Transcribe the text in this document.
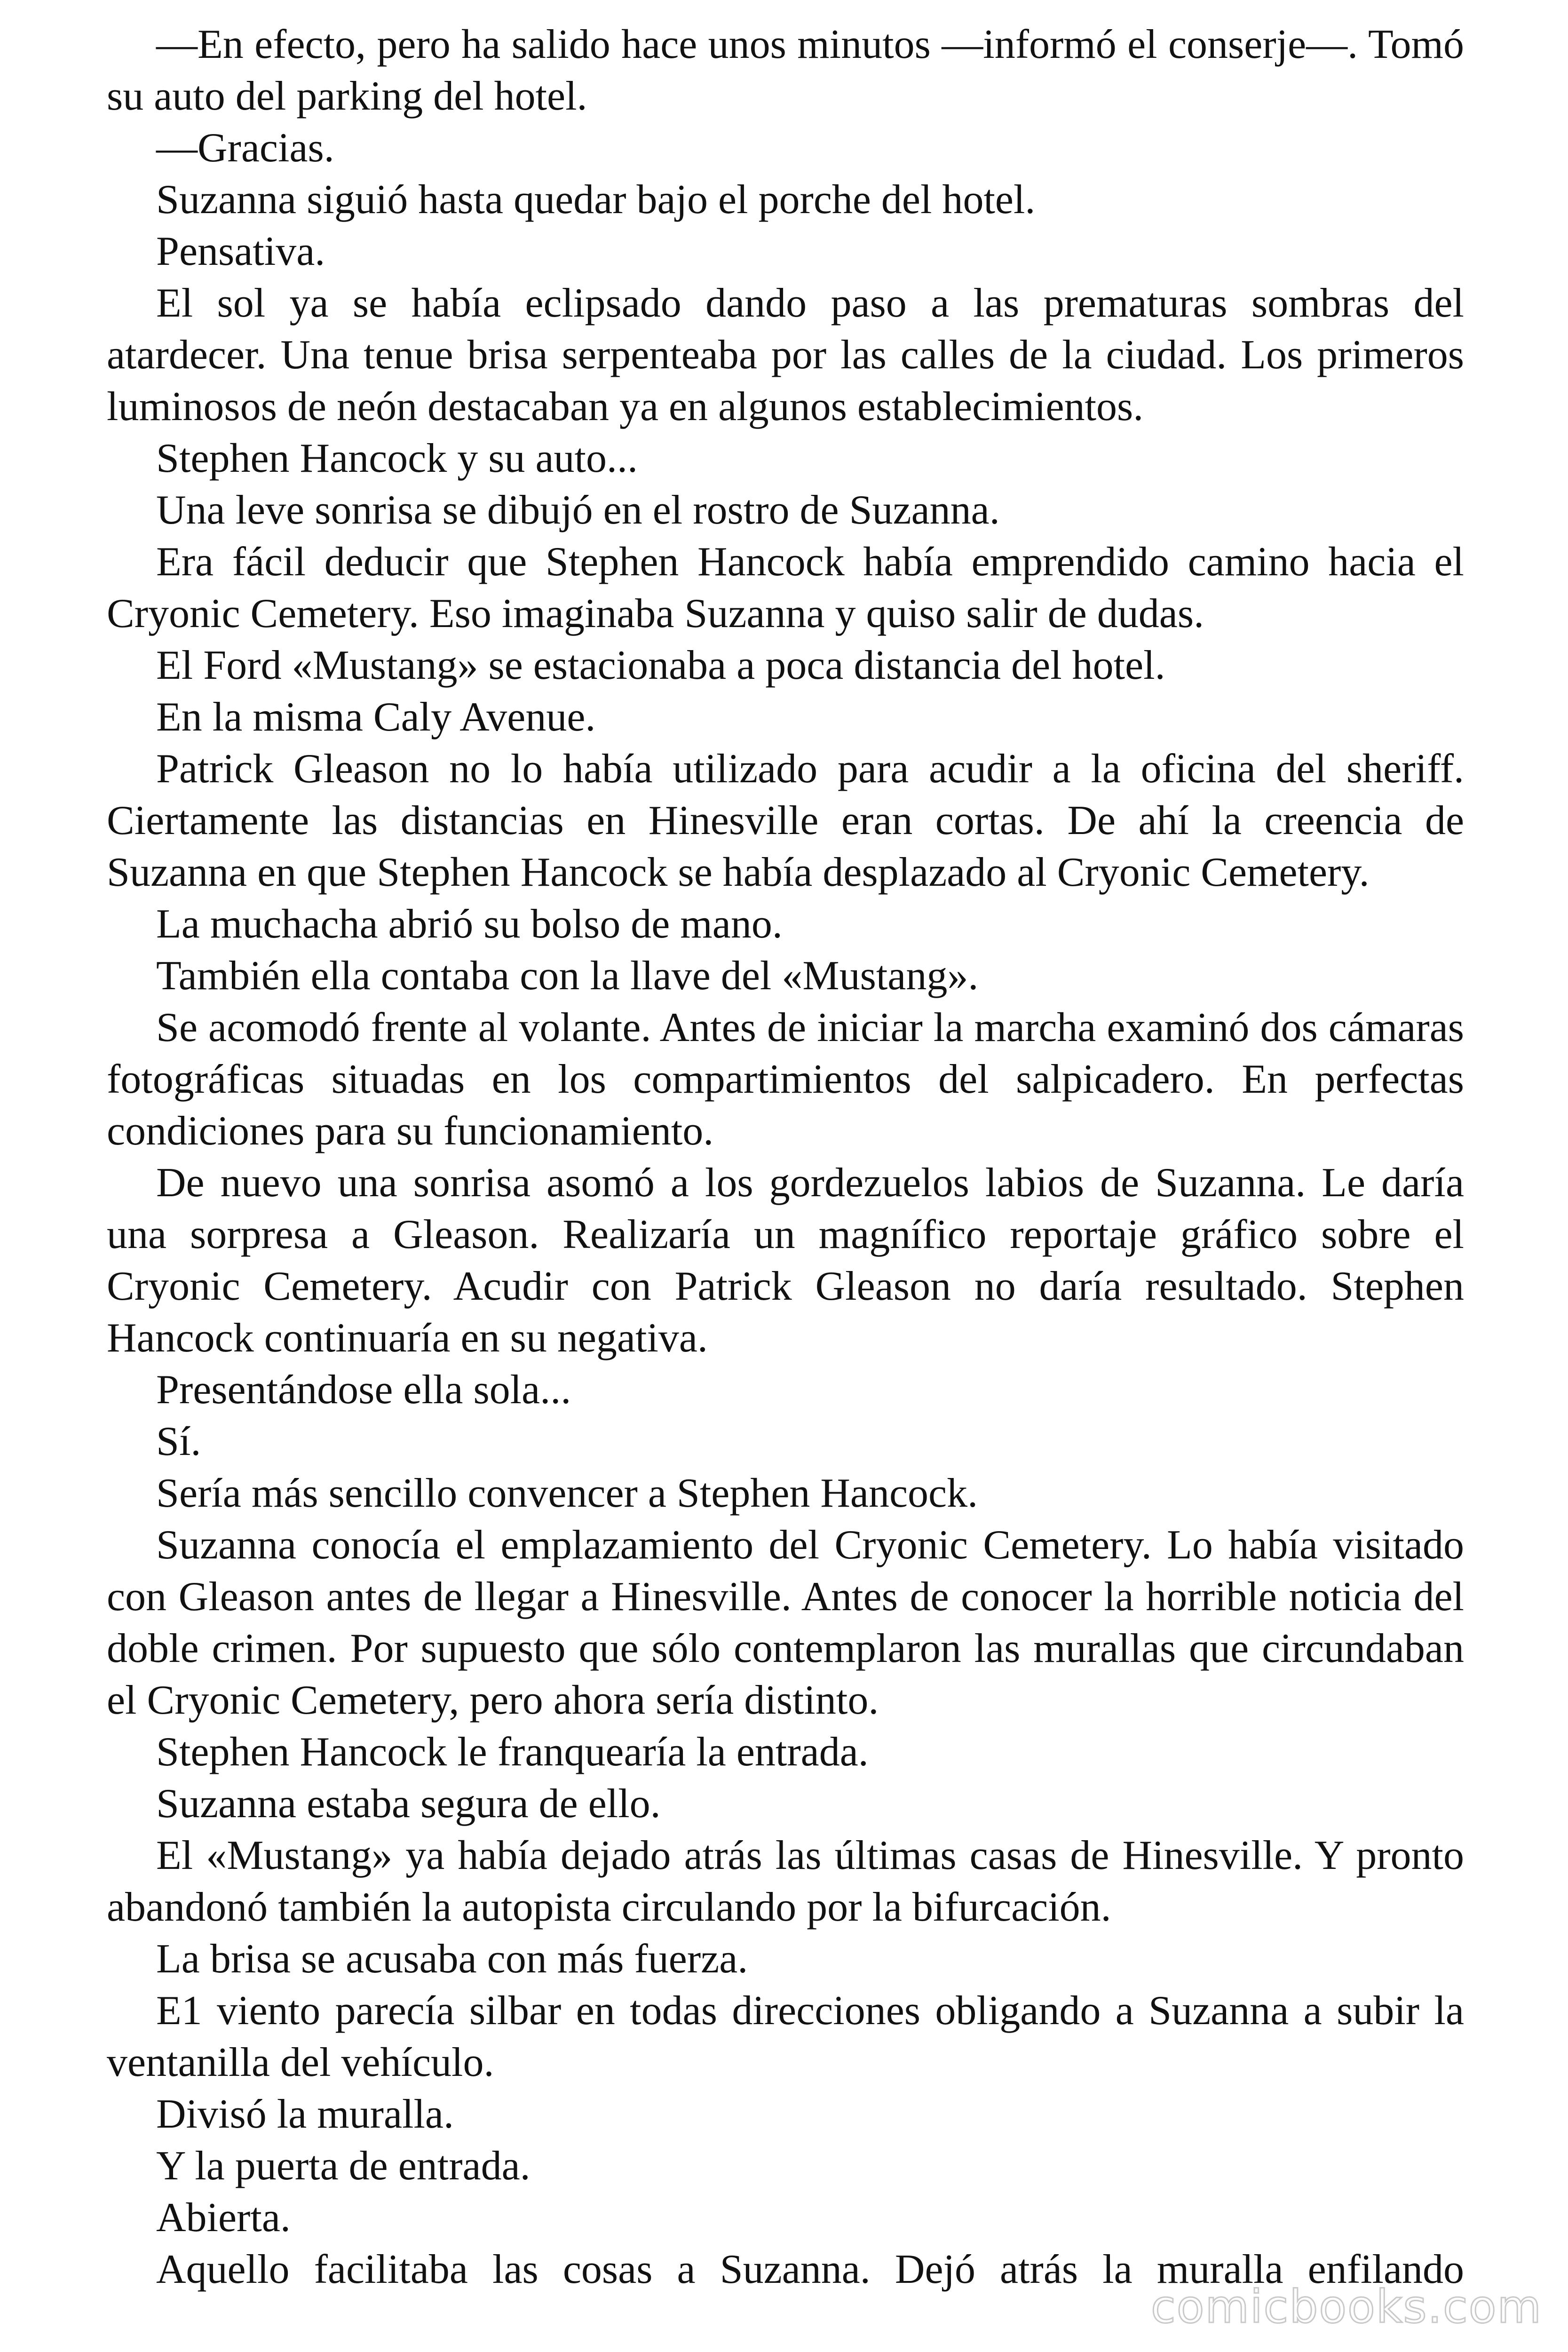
—En efecto, pero ha salido hace unos minutos —informó el conserje—. Tomó su auto del parking del hotel.

—Gracias.

Suzanna siguió hasta quedar bajo el porche del hotel.

Pensativa.

El sol ya se había eclipsado dando paso a las prematuras sombras del atardecer. Una tenue brisa serpenteaba por las calles de la ciudad. Los primeros luminosos de neón destacaban ya en algunos establecimientos.

Stephen Hancock y su auto...

Una leve sonrisa se dibujó en el rostro de Suzanna.

Era fácil deducir que Stephen Hancock había emprendido camino hacia el Cryonic Cemetery. Eso imaginaba Suzanna y quiso salir de dudas.

El Ford «Mustang» se estacionaba a poca distancia del hotel.

En la misma Caly Avenue.

Patrick Gleason no lo había utilizado para acudir a la oficina del sheriff. Ciertamente las distancias en Hinesville eran cortas. De ahí la creencia de Suzanna en que Stephen Hancock se había desplazado al Cryonic Cemetery.

La muchacha abrió su bolso de mano.

También ella contaba con la llave del «Mustang».

Se acomodó frente al volante. Antes de iniciar la marcha examinó dos cámaras fotográficas situadas en los compartimientos del salpicadero. En perfectas condiciones para su funcionamiento.

De nuevo una sonrisa asomó a los gordezuelos labios de Suzanna. Le daría una sorpresa a Gleason. Realizaría un magnífico reportaje gráfico sobre el Cryonic Cemetery. Acudir con Patrick Gleason no daría resultado. Stephen Hancock continuaría en su negativa.

Presentándose ella sola...

Sí.

Sería más sencillo convencer a Stephen Hancock.

Suzanna conocía el emplazamiento del Cryonic Cemetery. Lo había visitado con Gleason antes de llegar a Hinesville. Antes de conocer la horrible noticia del doble crimen. Por supuesto que sólo contemplaron las murallas que circundaban el Cryonic Cemetery, pero ahora sería distinto.

Stephen Hancock le franquearía la entrada.

Suzanna estaba segura de ello.

El «Mustang» ya había dejado atrás las últimas casas de Hinesville. Y pronto abandonó también la autopista circulando por la bifurcación.

La brisa se acusaba con más fuerza.

E1 viento parecía silbar en todas direcciones obligando a Suzanna a subir la ventanilla del vehículo.

Divisó la muralla.

Y la puerta de entrada.

Abierta.

Aquello facilitaba las cosas a Suzanna. Dejó atrás la muralla enfilando

comicbooks.com
